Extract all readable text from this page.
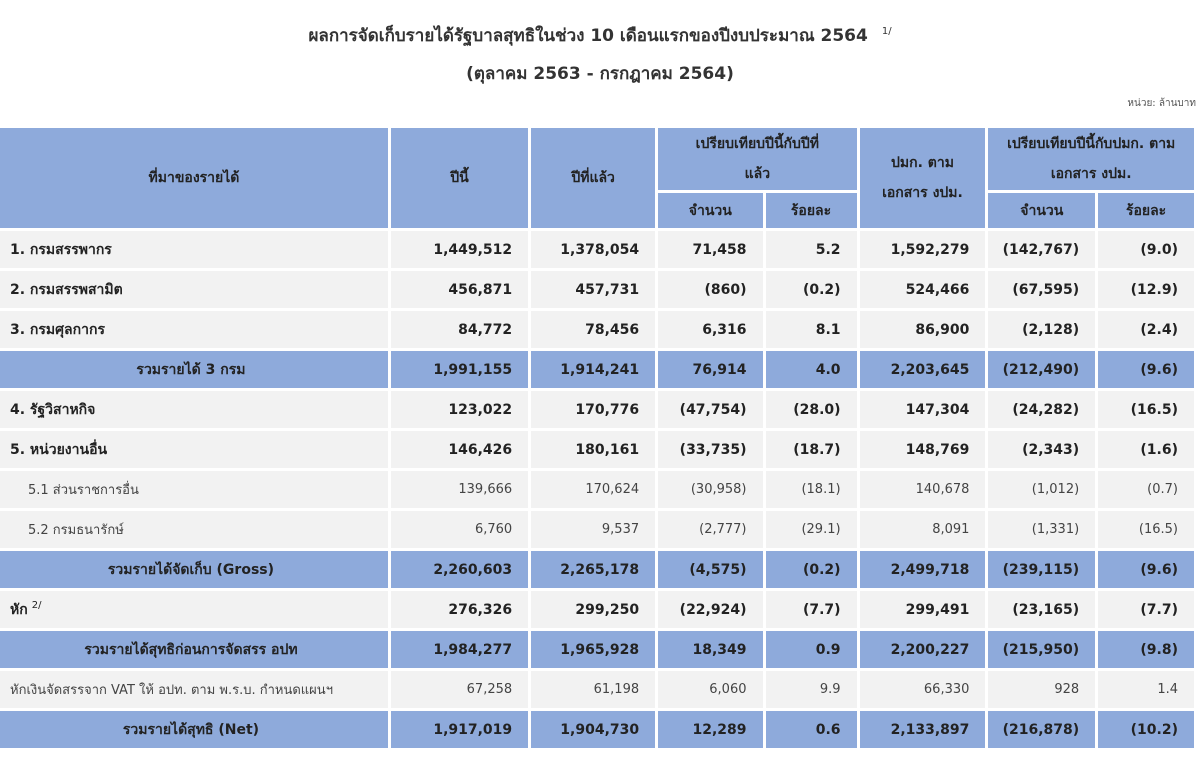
ผลการจัดเก็บรายได้รัฐบาลสุทธิในช่วง 10 เดือนแรกของปีงบประมาณ 2564 $^{1/}$
(ตุลาคม 2563 - กรกฎาคม 2564)
หน่วย: ล้านบาท
ที่มาของรายได้	ปีนี้	ปีที่แล้ว	เปรียบเทียบปีนี้กับปีที่แล้ว		ปมก. ตามเอกสาร งปม.	เปรียบเทียบปีนี้กับปมก. ตามเอกสาร งปม.	
			จำนวน	ร้อยละ		จำนวน	ร้อยละ
1. กรมสรรพากร	1,449,512	1,378,054	71,458	5.2	1,592,279	(142,767)	(9.0)
2. กรมสรรพสามิต	456,871	457,731	(860)	(0.2)	524,466	(67,595)	(12.9)
3. กรมศุลกากร	84,772	78,456	6,316	8.1	86,900	(2,128)	(2.4)
รวมรายได้ 3 กรม	1,991,155	1,914,241	76,914	4.0	2,203,645	(212,490)	(9.6)
4. รัฐวิสาหกิจ	123,022	170,776	(47,754)	(28.0)	147,304	(24,282)	(16.5)
5. หน่วยงานอื่น	146,426	180,161	(33,735)	(18.7)	148,769	(2,343)	(1.6)
5.1 ส่วนราชการอื่น	139,666	170,624	(30,958)	(18.1)	140,678	(1,012)	(0.7)
5.2 กรมธนารักษ์	6,760	9,537	(2,777)	(29.1)	8,091	(1,331)	(16.5)
รวมรายได้จัดเก็บ (Gross)	2,260,603	2,265,178	(4,575)	(0.2)	2,499,718	(239,115)	(9.6)
หัก $^{2/}$	276,326	299,250	(22,924)	(7.7)	299,491	(23,165)	(7.7)
รวมรายได้สุทธิก่อนการจัดสรร อปท	1,984,277	1,965,928	18,349	0.9	2,200,227	(215,950)	(9.8)
หักเงินจัดสรรจาก VAT ให้ อปท. ตาม พ.ร.บ. กำหนดแผนฯ	67,258	61,198	6,060	9.9	66,330	928	1.4
รวมรายได้สุทธิ (Net)	1,917,019	1,904,730	12,289	0.6	2,133,897	(216,878)	(10.2)
